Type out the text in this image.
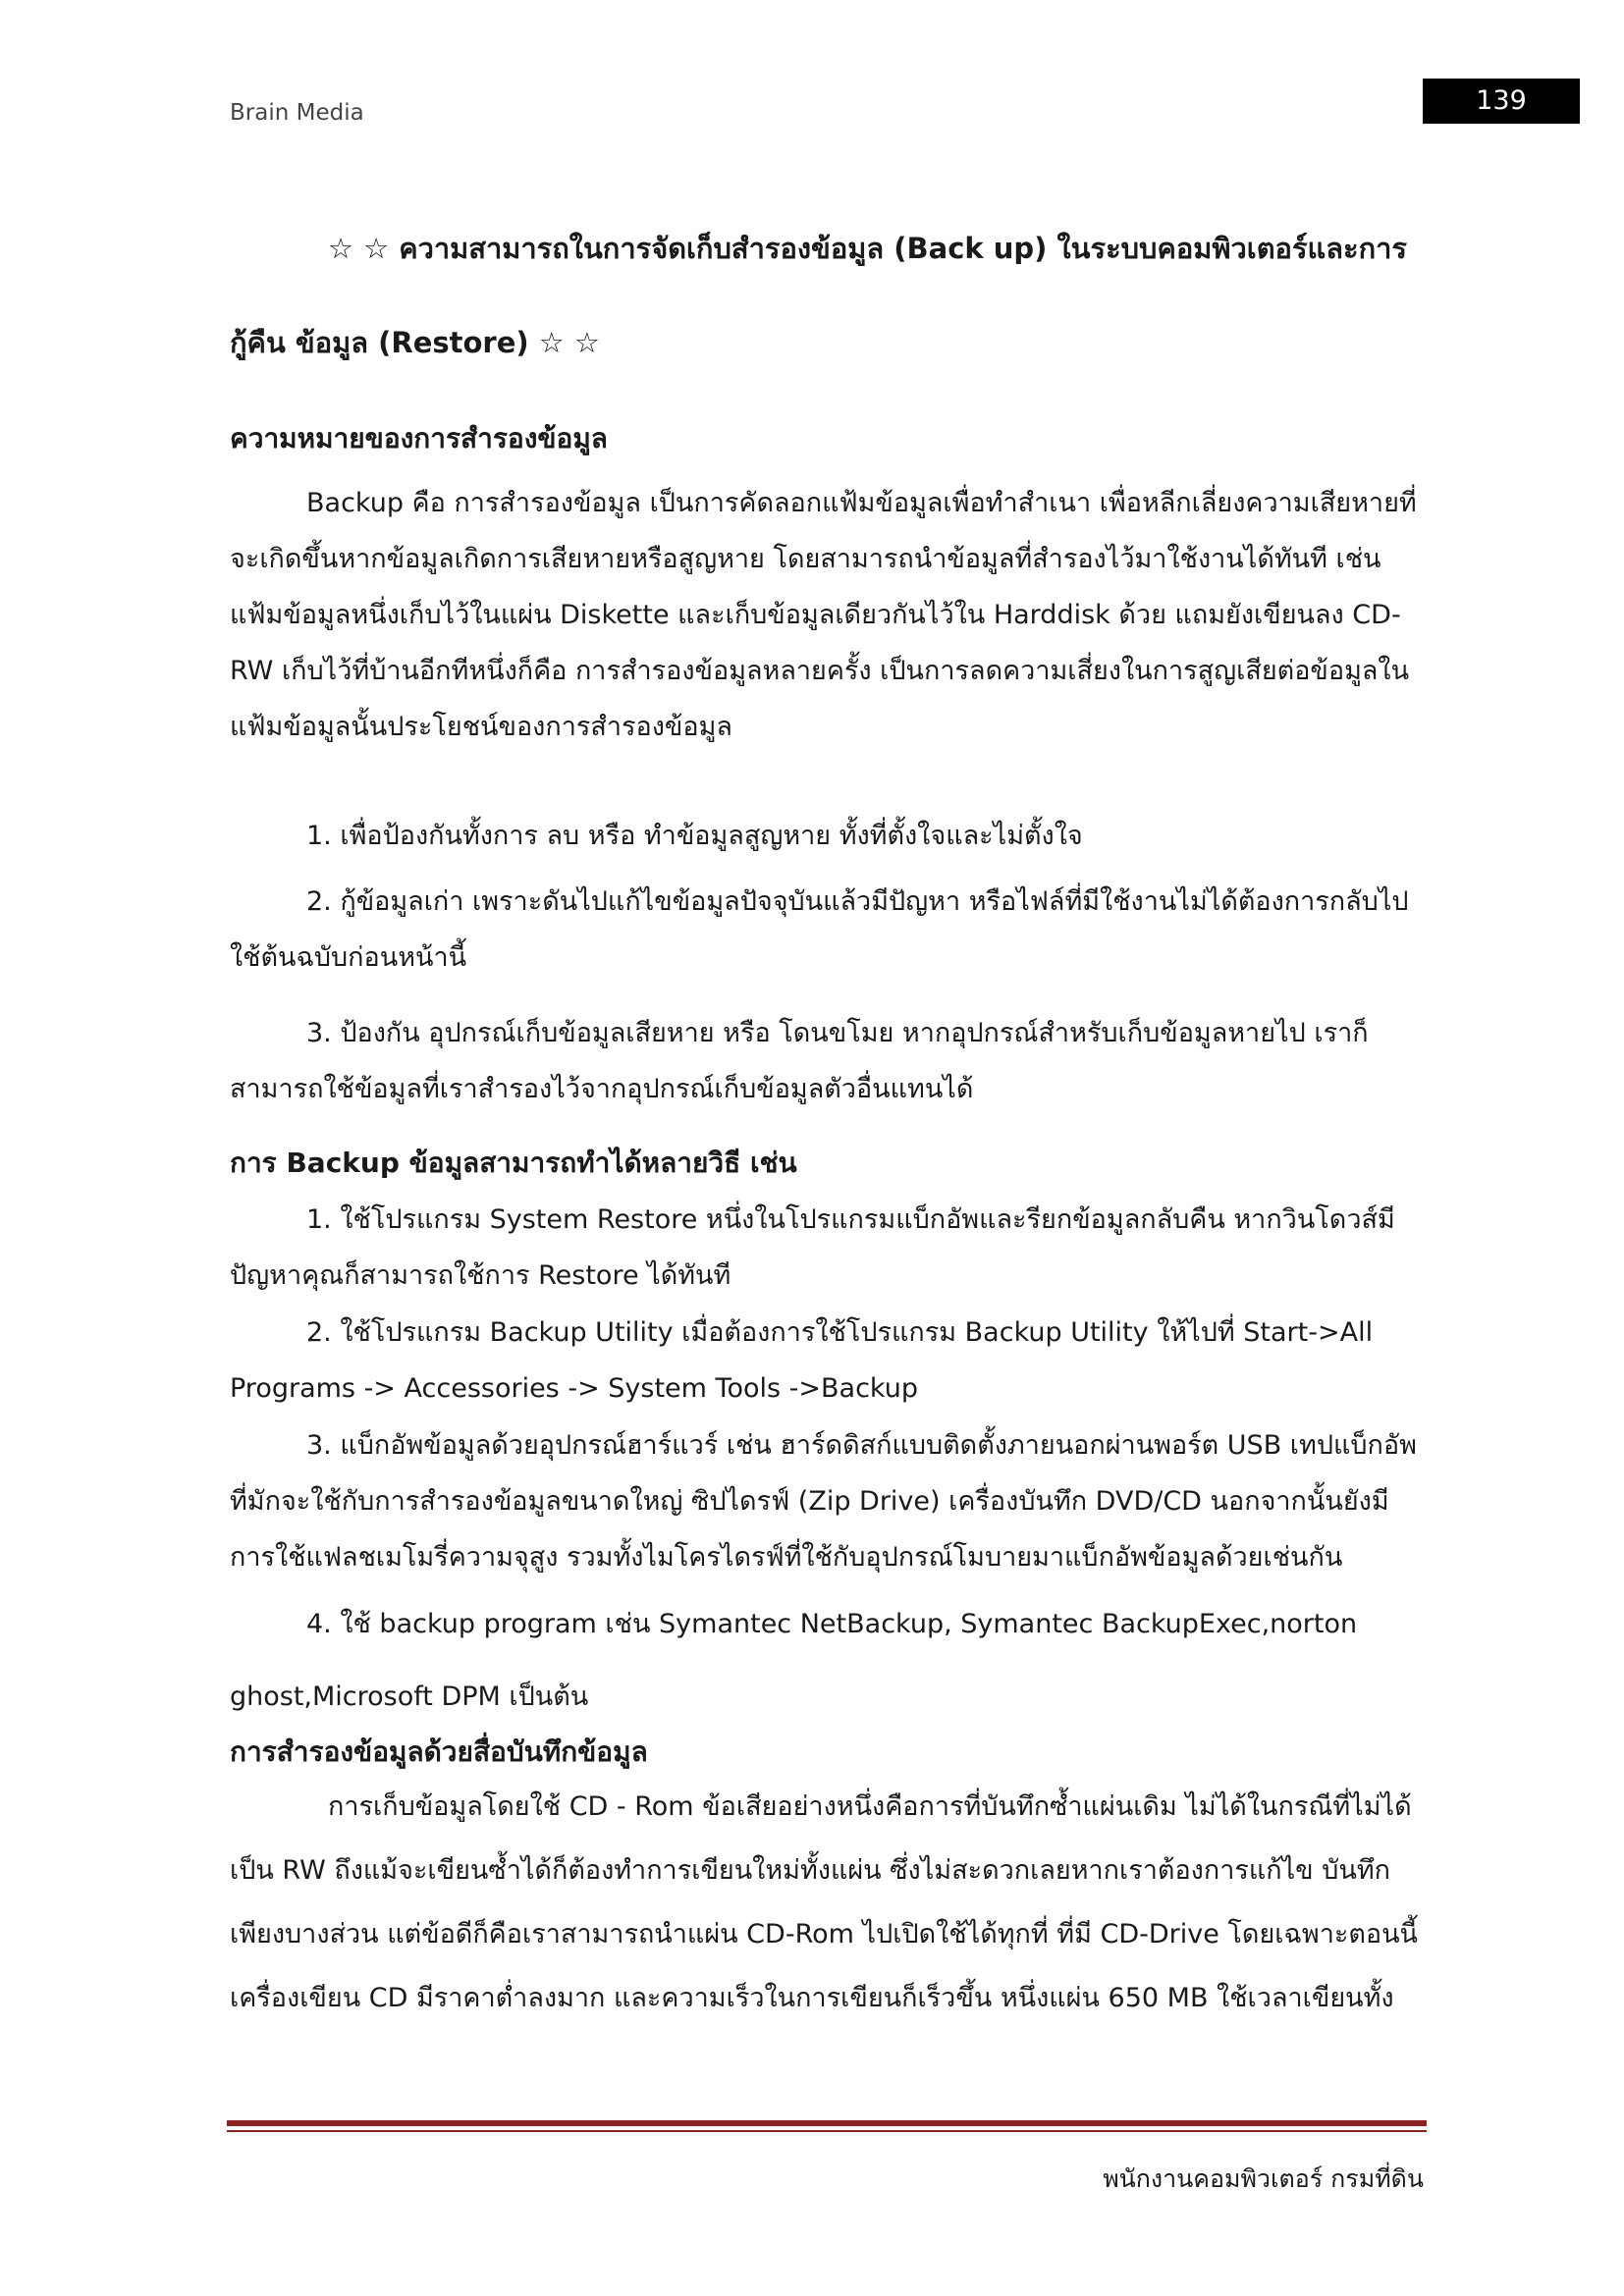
Brain Media	139
☆ ☆ ความสามารถในการจัดเก็บสำรองข้อมูล (Back up) ในระบบคอมพิวเตอร์และการกู้คืน ข้อมูล (Restore) ☆ ☆
ความหมายของการสำรองข้อมูล
Backup คือ การสำรองข้อมูล เป็นการคัดลอกแฟ้มข้อมูลเพื่อทำสำเนา เพื่อหลีกเลี่ยงความเสียหายที่จะเกิดขึ้นหากข้อมูลเกิดการเสียหายหรือสูญหาย โดยสามารถนำข้อมูลที่สำรองไว้มาใช้งานได้ทันที เช่น แฟ้มข้อมูลหนึ่งเก็บไว้ในแผ่น Diskette และเก็บข้อมูลเดียวกันไว้ใน Harddisk ด้วย แถมยังเขียนลง CD-RW เก็บไว้ที่บ้านอีกทีหนึ่งก็คือ การสำรองข้อมูลหลายครั้ง เป็นการลดความเสี่ยงในการสูญเสียต่อข้อมูลในแฟ้มข้อมูลนั้นประโยชน์ของการสำรองข้อมูล
1. เพื่อป้องกันทั้งการ ลบ หรือ ทำข้อมูลสูญหาย ทั้งที่ตั้งใจและไม่ตั้งใจ
2. กู้ข้อมูลเก่า เพราะดันไปแก้ไขข้อมูลปัจจุบันแล้วมีปัญหา หรือไฟล์ที่มีใช้งานไม่ได้ต้องการกลับไปใช้ต้นฉบับก่อนหน้านี้
3. ป้องกัน อุปกรณ์เก็บข้อมูลเสียหาย หรือ โดนขโมย หากอุปกรณ์สำหรับเก็บข้อมูลหายไป เราก็สามารถใช้ข้อมูลที่เราสำรองไว้จากอุปกรณ์เก็บข้อมูลตัวอื่นแทนได้
การ Backup ข้อมูลสามารถทำได้หลายวิธี เช่น
1. ใช้โปรแกรม System Restore หนึ่งในโปรแกรมแบ็กอัพและรียกข้อมูลกลับคืน หากวินโดวส์มีปัญหาคุณก็สามารถใช้การ Restore ได้ทันที
2. ใช้โปรแกรม Backup Utility เมื่อต้องการใช้โปรแกรม Backup Utility ให้ไปที่ Start->All Programs -> Accessories -> System Tools ->Backup
3. แบ็กอัพข้อมูลด้วยอุปกรณ์ฮาร์แวร์ เช่น ฮาร์ดดิสก์แบบติดตั้งภายนอกผ่านพอร์ต USB เทปแบ็กอัพ ที่มักจะใช้กับการสำรองข้อมูลขนาดใหญ่ ซิปไดรฟ์ (Zip Drive) เครื่องบันทึก DVD/CD นอกจากนั้นยังมีการใช้แฟลชเมโมรี่ความจุสูง รวมทั้งไมโครไดรฟ์ที่ใช้กับอุปกรณ์โมบายมาแบ็กอัพข้อมูลด้วยเช่นกัน
4. ใช้ backup program เช่น Symantec NetBackup, Symantec BackupExec,norton ghost,Microsoft DPM เป็นต้น
การสำรองข้อมูลด้วยสื่อบันทึกข้อมูล
การเก็บข้อมูลโดยใช้ CD - Rom ข้อเสียอย่างหนึ่งคือการที่บันทึกซ้ำแผ่นเดิม ไม่ได้ในกรณีที่ไม่ได้เป็น RW ถึงแม้จะเขียนซ้ำได้ก็ต้องทำการเขียนใหม่ทั้งแผ่น ซึ่งไม่สะดวกเลยหากเราต้องการแก้ไข บันทึกเพียงบางส่วน แต่ข้อดีก็คือเราสามารถนำแผ่น CD-Rom ไปเปิดใช้ได้ทุกที่ ที่มี CD-Drive โดยเฉพาะตอนนี้เครื่องเขียน CD มีราคาต่ำลงมาก และความเร็วในการเขียนก็เร็วขึ้น หนึ่งแผ่น 650 MB ใช้เวลาเขียนทั้ง
พนักงานคอมพิวเตอร์ กรมที่ดิน
